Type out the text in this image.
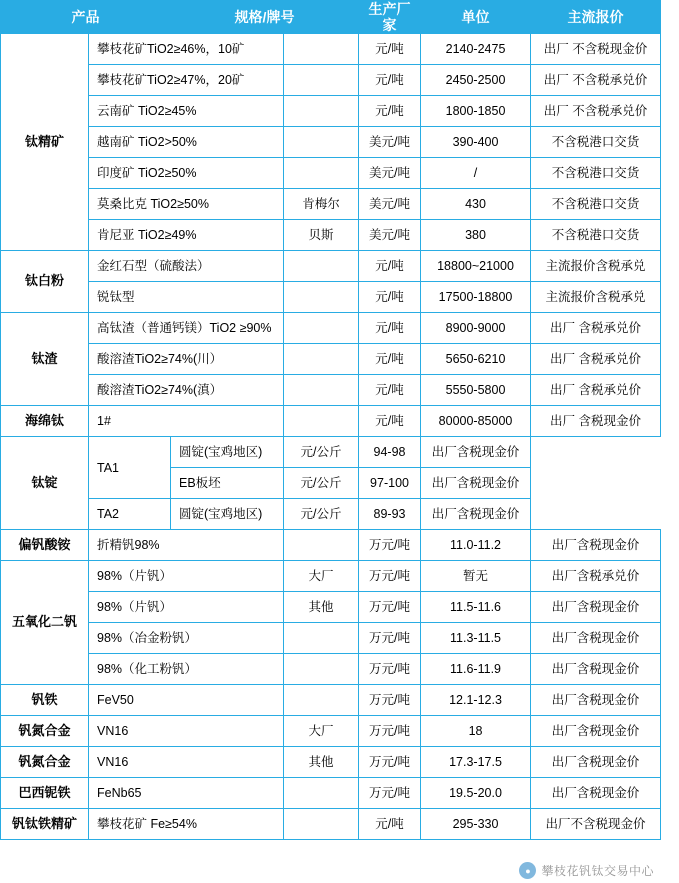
产品		规格/牌号		生产厂家	单位	主流报价	备注
钛精矿	攀枝花矿TiO2≥46%，10矿			元/吨	2140-2475	出厂 不含税现金价	
	攀枝花矿TiO2≥47%，20矿			元/吨	2450-2500	出厂 不含税承兑价	
	云南矿 TiO2≥45%			元/吨	1800-1850	出厂 不含税承兑价	
	越南矿 TiO2>50%			美元/吨	390-400	不含税港口交货	
	印度矿 TiO2≥50%			美元/吨	/	不含税港口交货	
	莫桑比克 TiO2≥50%		肯梅尔	美元/吨	430	不含税港口交货	
	肯尼亚 TiO2≥49%		贝斯	美元/吨	380	不含税港口交货	
钛白粉	金红石型（硫酸法）			元/吨	18800~21000	主流报价含税承兑	
	锐钛型			元/吨	17500-18800	主流报价含税承兑	
钛渣	高钛渣（普通钙镁）TiO2 ≥90%			元/吨	8900-9000	出厂 含税承兑价	
	酸溶渣TiO2≥74%(川）			元/吨	5650-6210	出厂 含税承兑价	
	酸溶渣TiO2≥74%(滇）			元/吨	5550-5800	出厂 含税承兑价	
海绵钛	1#			元/吨	80000-85000	出厂 含税现金价	
钛锭	TA1	圆锭(宝鸡地区)	元/公斤	94-98	出厂含税现金价		
		EB板坯	元/公斤	97-100	出厂含税现金价		
	TA2	圆锭(宝鸡地区)	元/公斤	89-93	出厂含税现金价		
偏钒酸铵	折精钒98%			万元/吨	11.0-11.2	出厂含税现金价	
五氧化二钒	98%（片钒）		大厂	万元/吨	暂无	出厂含税承兑价	
	98%（片钒）		其他	万元/吨	11.5-11.6	出厂含税现金价	
	98%（冶金粉钒）			万元/吨	11.3-11.5	出厂含税现金价	
	98%（化工粉钒）			万元/吨	11.6-11.9	出厂含税现金价	
钒铁	FeV50			万元/吨	12.1-12.3	出厂含税现金价	
钒氮合金	VN16		大厂	万元/吨	18	出厂含税现金价	
钒氮合金	VN16		其他	万元/吨	17.3-17.5	出厂含税现金价	
巴西铌铁	FeNb65			万元/吨	19.5-20.0	出厂含税现金价	
钒钛铁精矿	攀枝花矿 Fe≥54%			元/吨	295-330	出厂不含税现金价	
● 攀枝花钒钛交易中心
